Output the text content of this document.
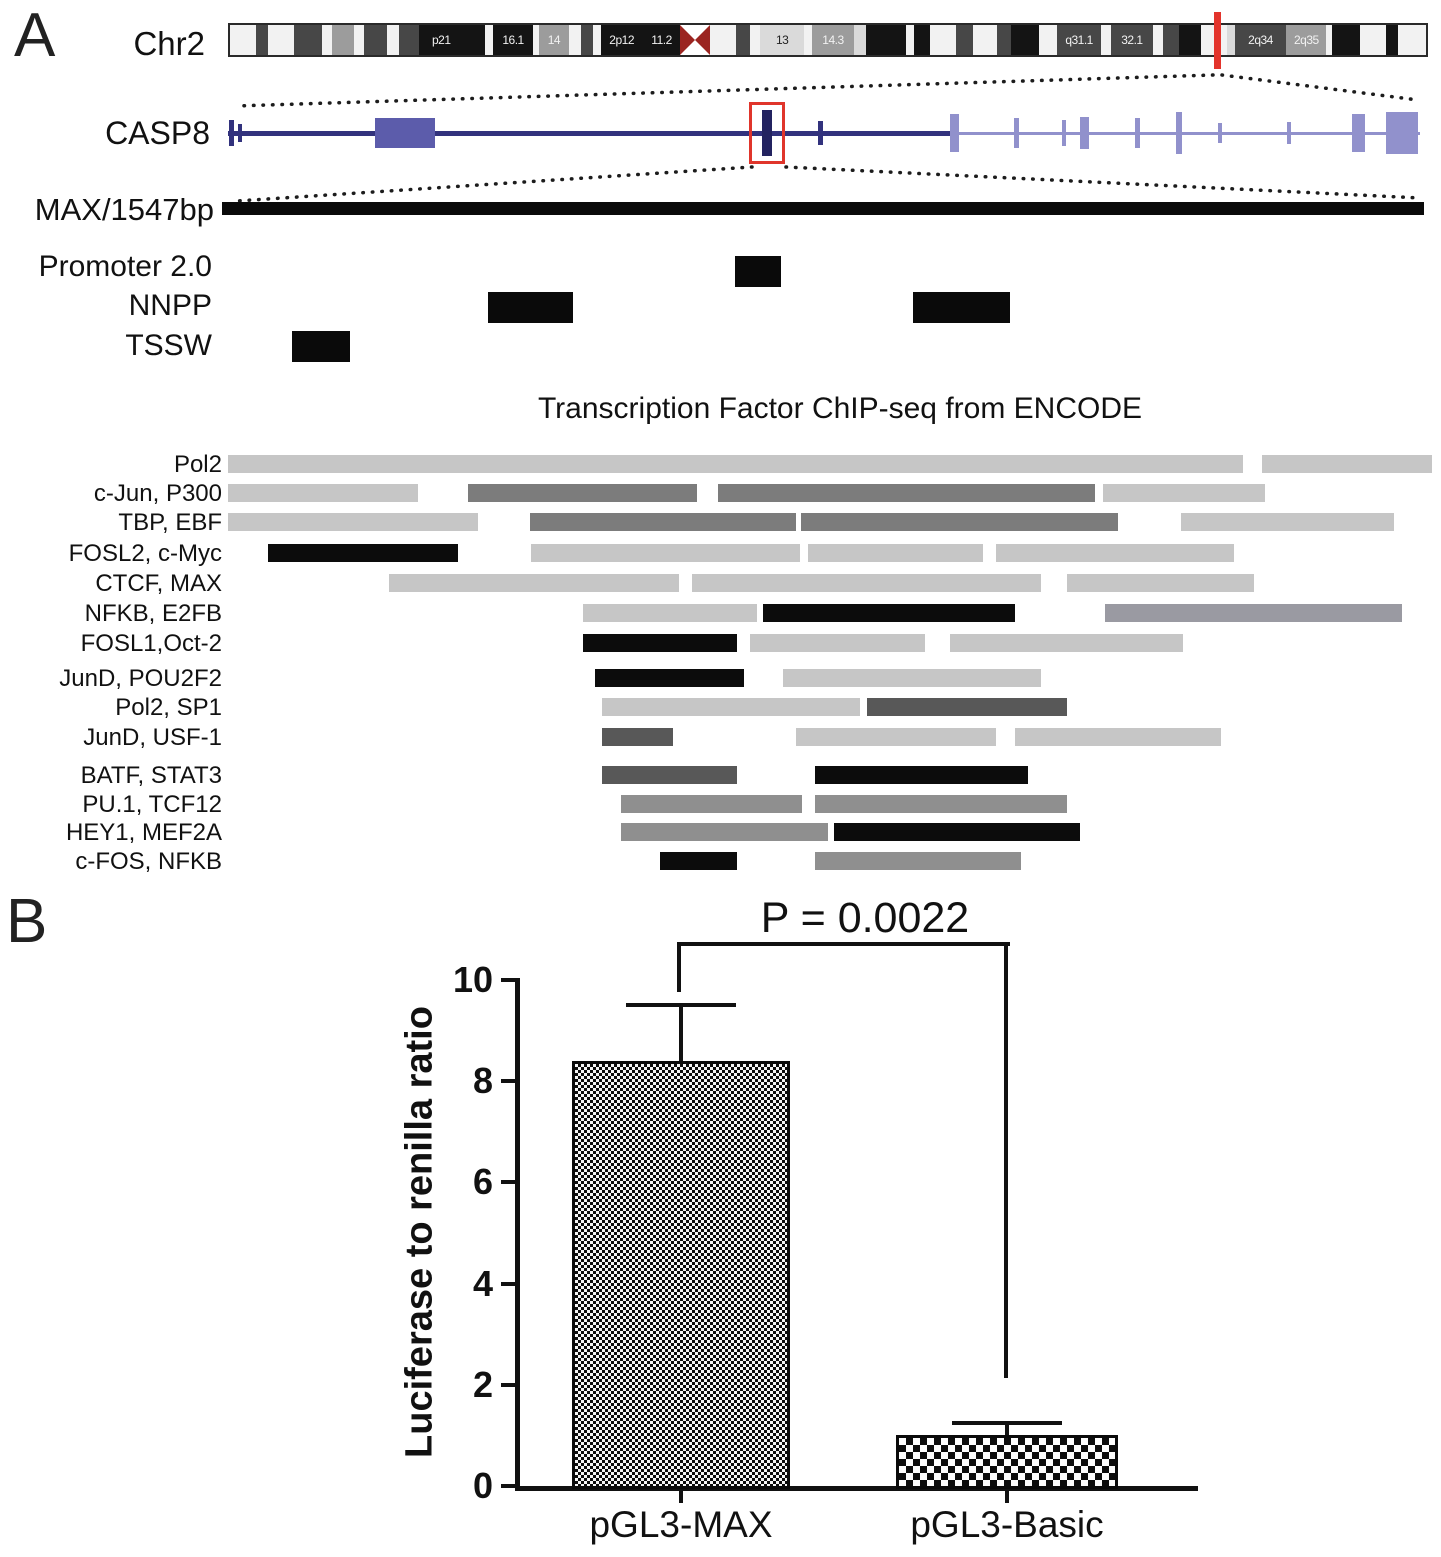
A
B
Chr2	p21	16.1 14	2p12 11.2	13	14.3	q31.1 32.1	2q34 2q35
CASP8
MAX/1547bp
Promoter 2.0
NNPP
TSSW
Transcription Factor ChIP-seq from ENCODE
Pol2
c-Jun, P300
TBP, EBF
FOSL2, c-Myc
CTCF, MAX
NFKB, E2FB
FOSL1,Oct-2
JunD, POU2F2
Pol2, SP1
JunD, USF-1
BATF, STAT3
PU.1, TCF12
HEY1, MEF2A
c-FOS, NFKB
P = 0.0022
Luciferase to renilla ratio
0
2
4
6
8
10
pGL3-MAX	pGL3-Basic
